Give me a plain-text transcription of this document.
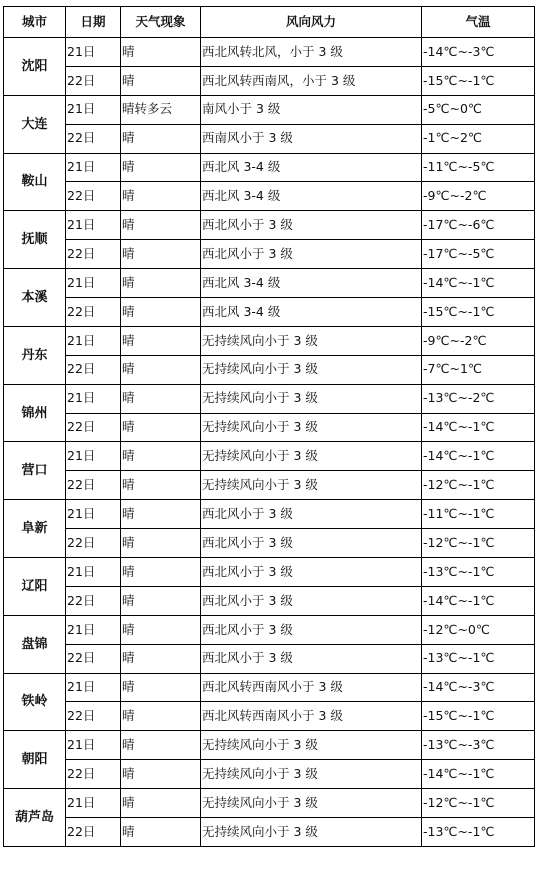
城市	日期	天气现象	风向风力	气温
沈阳	21日	晴	西北风转北风，小于 3 级	-14℃~-3℃
	22日	晴	西北风转西南风，小于 3 级	-15℃~-1℃
大连	21日	晴转多云	南风小于 3 级	-5℃~0℃
	22日	晴	西南风小于 3 级	-1℃~2℃
鞍山	21日	晴	西北风 3-4 级	-11℃~-5℃
	22日	晴	西北风 3-4 级	-9℃~-2℃
抚顺	21日	晴	西北风小于 3 级	-17℃~-6℃
	22日	晴	西北风小于 3 级	-17℃~-5℃
本溪	21日	晴	西北风 3-4 级	-14℃~-1℃
	22日	晴	西北风 3-4 级	-15℃~-1℃
丹东	21日	晴	无持续风向小于 3 级	-9℃~-2℃
	22日	晴	无持续风向小于 3 级	-7℃~1℃
锦州	21日	晴	无持续风向小于 3 级	-13℃~-2℃
	22日	晴	无持续风向小于 3 级	-14℃~-1℃
营口	21日	晴	无持续风向小于 3 级	-14℃~-1℃
	22日	晴	无持续风向小于 3 级	-12℃~-1℃
阜新	21日	晴	西北风小于 3 级	-11℃~-1℃
	22日	晴	西北风小于 3 级	-12℃~-1℃
辽阳	21日	晴	西北风小于 3 级	-13℃~-1℃
	22日	晴	西北风小于 3 级	-14℃~-1℃
盘锦	21日	晴	西北风小于 3 级	-12℃~0℃
	22日	晴	西北风小于 3 级	-13℃~-1℃
铁岭	21日	晴	西北风转西南风小于 3 级	-14℃~-3℃
	22日	晴	西北风转西南风小于 3 级	-15℃~-1℃
朝阳	21日	晴	无持续风向小于 3 级	-13℃~-3℃
	22日	晴	无持续风向小于 3 级	-14℃~-1℃
葫芦岛	21日	晴	无持续风向小于 3 级	-12℃~-1℃
	22日	晴	无持续风向小于 3 级	-13℃~-1℃
